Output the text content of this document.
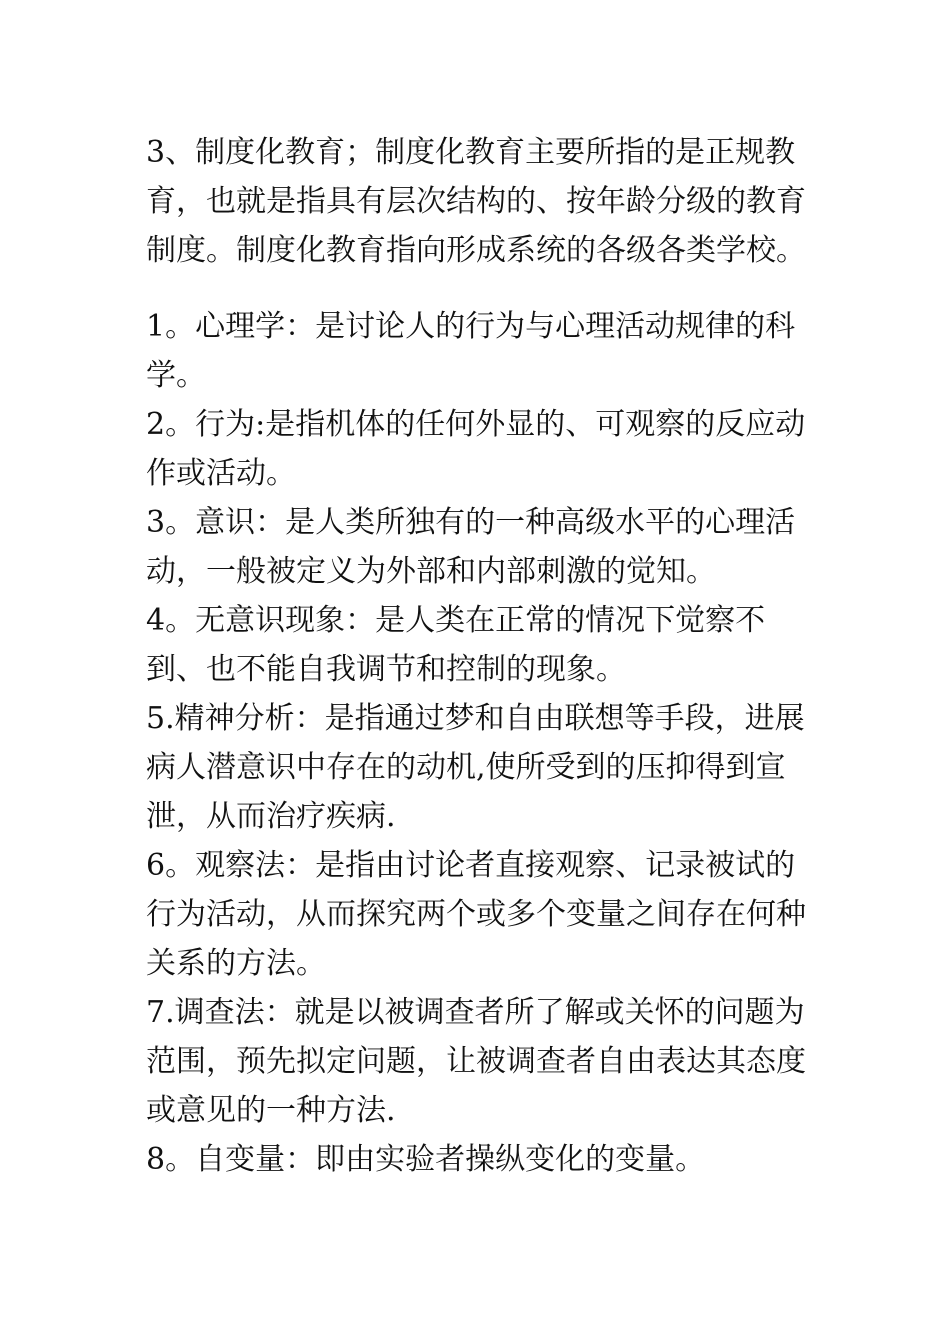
3、制度化教育；制度化教育主要所指的是正规教育，也就是指具有层次结构的、按年龄分级的教育制度。制度化教育指向形成系统的各级各类学校。

1。心理学：是讨论人的行为与心理活动规律的科学。

2。行为:是指机体的任何外显的、可观察的反应动作或活动。

3。意识：是人类所独有的一种高级水平的心理活动，一般被定义为外部和内部刺激的觉知。

4。无意识现象：是人类在正常的情况下觉察不到、也不能自我调节和控制的现象。

5.精神分析：是指通过梦和自由联想等手段，进展病人潜意识中存在的动机,使所受到的压抑得到宣泄，从而治疗疾病.

6。观察法：是指由讨论者直接观察、记录被试的行为活动，从而探究两个或多个变量之间存在何种关系的方法。

7.调查法：就是以被调查者所了解或关怀的问题为范围，预先拟定问题，让被调查者自由表达其态度或意见的一种方法.

8。自变量：即由实验者操纵变化的变量。
